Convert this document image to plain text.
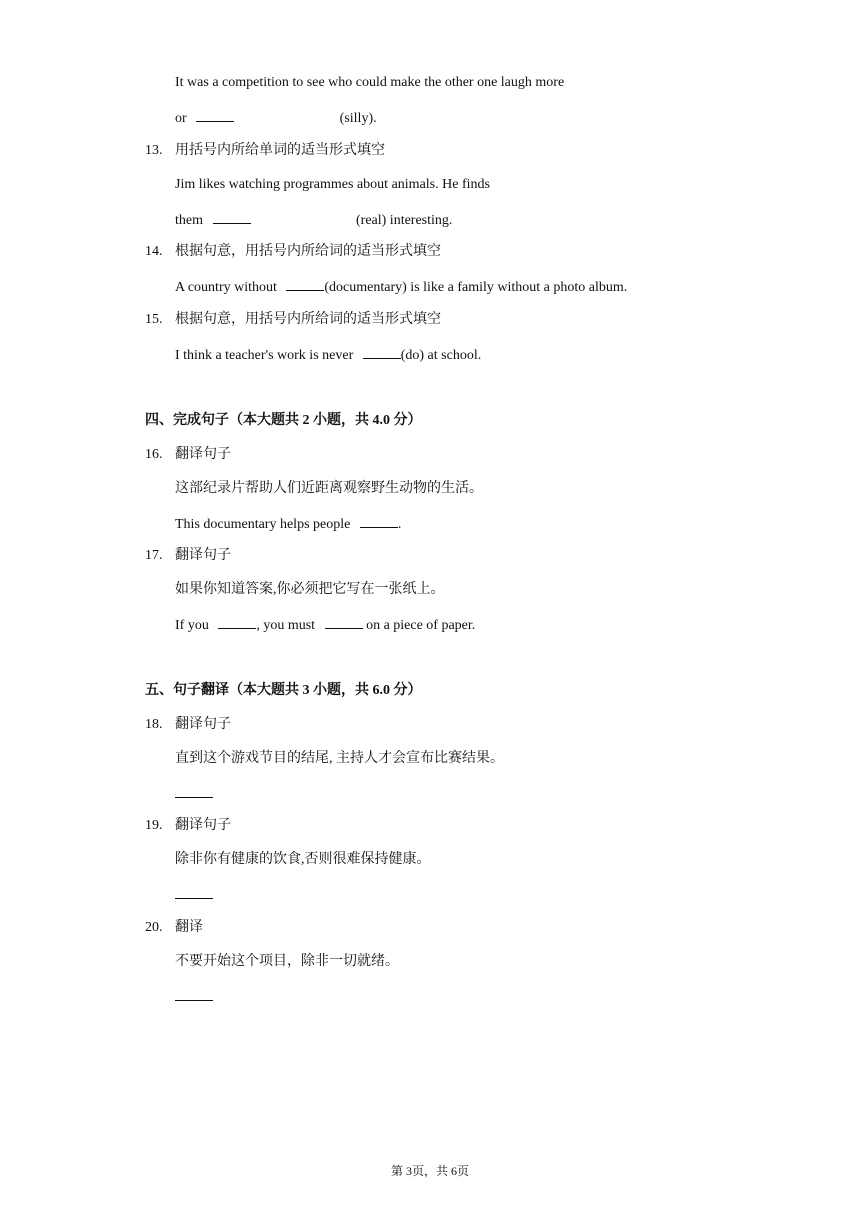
It was a competition to see who could make the other one laugh more
or	(silly).
13. 用括号内所给单词的适当形式填空
Jim likes watching programmes about animals. He finds
them	(real) interesting.
14. 根据句意，用括号内所给词的适当形式填空
A country without	(documentary) is like a family without a photo album.
15. 根据句意，用括号内所给词的适当形式填空
I think a teacher's work is never	(do) at school.
四、完成句子（本大题共 2 小题，共 4.0 分）
16. 翻译句子
这部纪录片帮助人们近距离观察野生动物的生活。
This documentary helps people	.
17. 翻译句子
如果你知道答案,你必须把它写在一张纸上。
If you	, you must	on a piece of paper.
五、句子翻译（本大题共 3 小题，共 6.0 分）
18. 翻译句子
直到这个游戏节目的结尾, 主持人才会宣布比赛结果。
19. 翻译句子
除非你有健康的饮食,否则很难保持健康。
20. 翻译
不要开始这个项目，除非一切就绪。
第 3页，共 6页
